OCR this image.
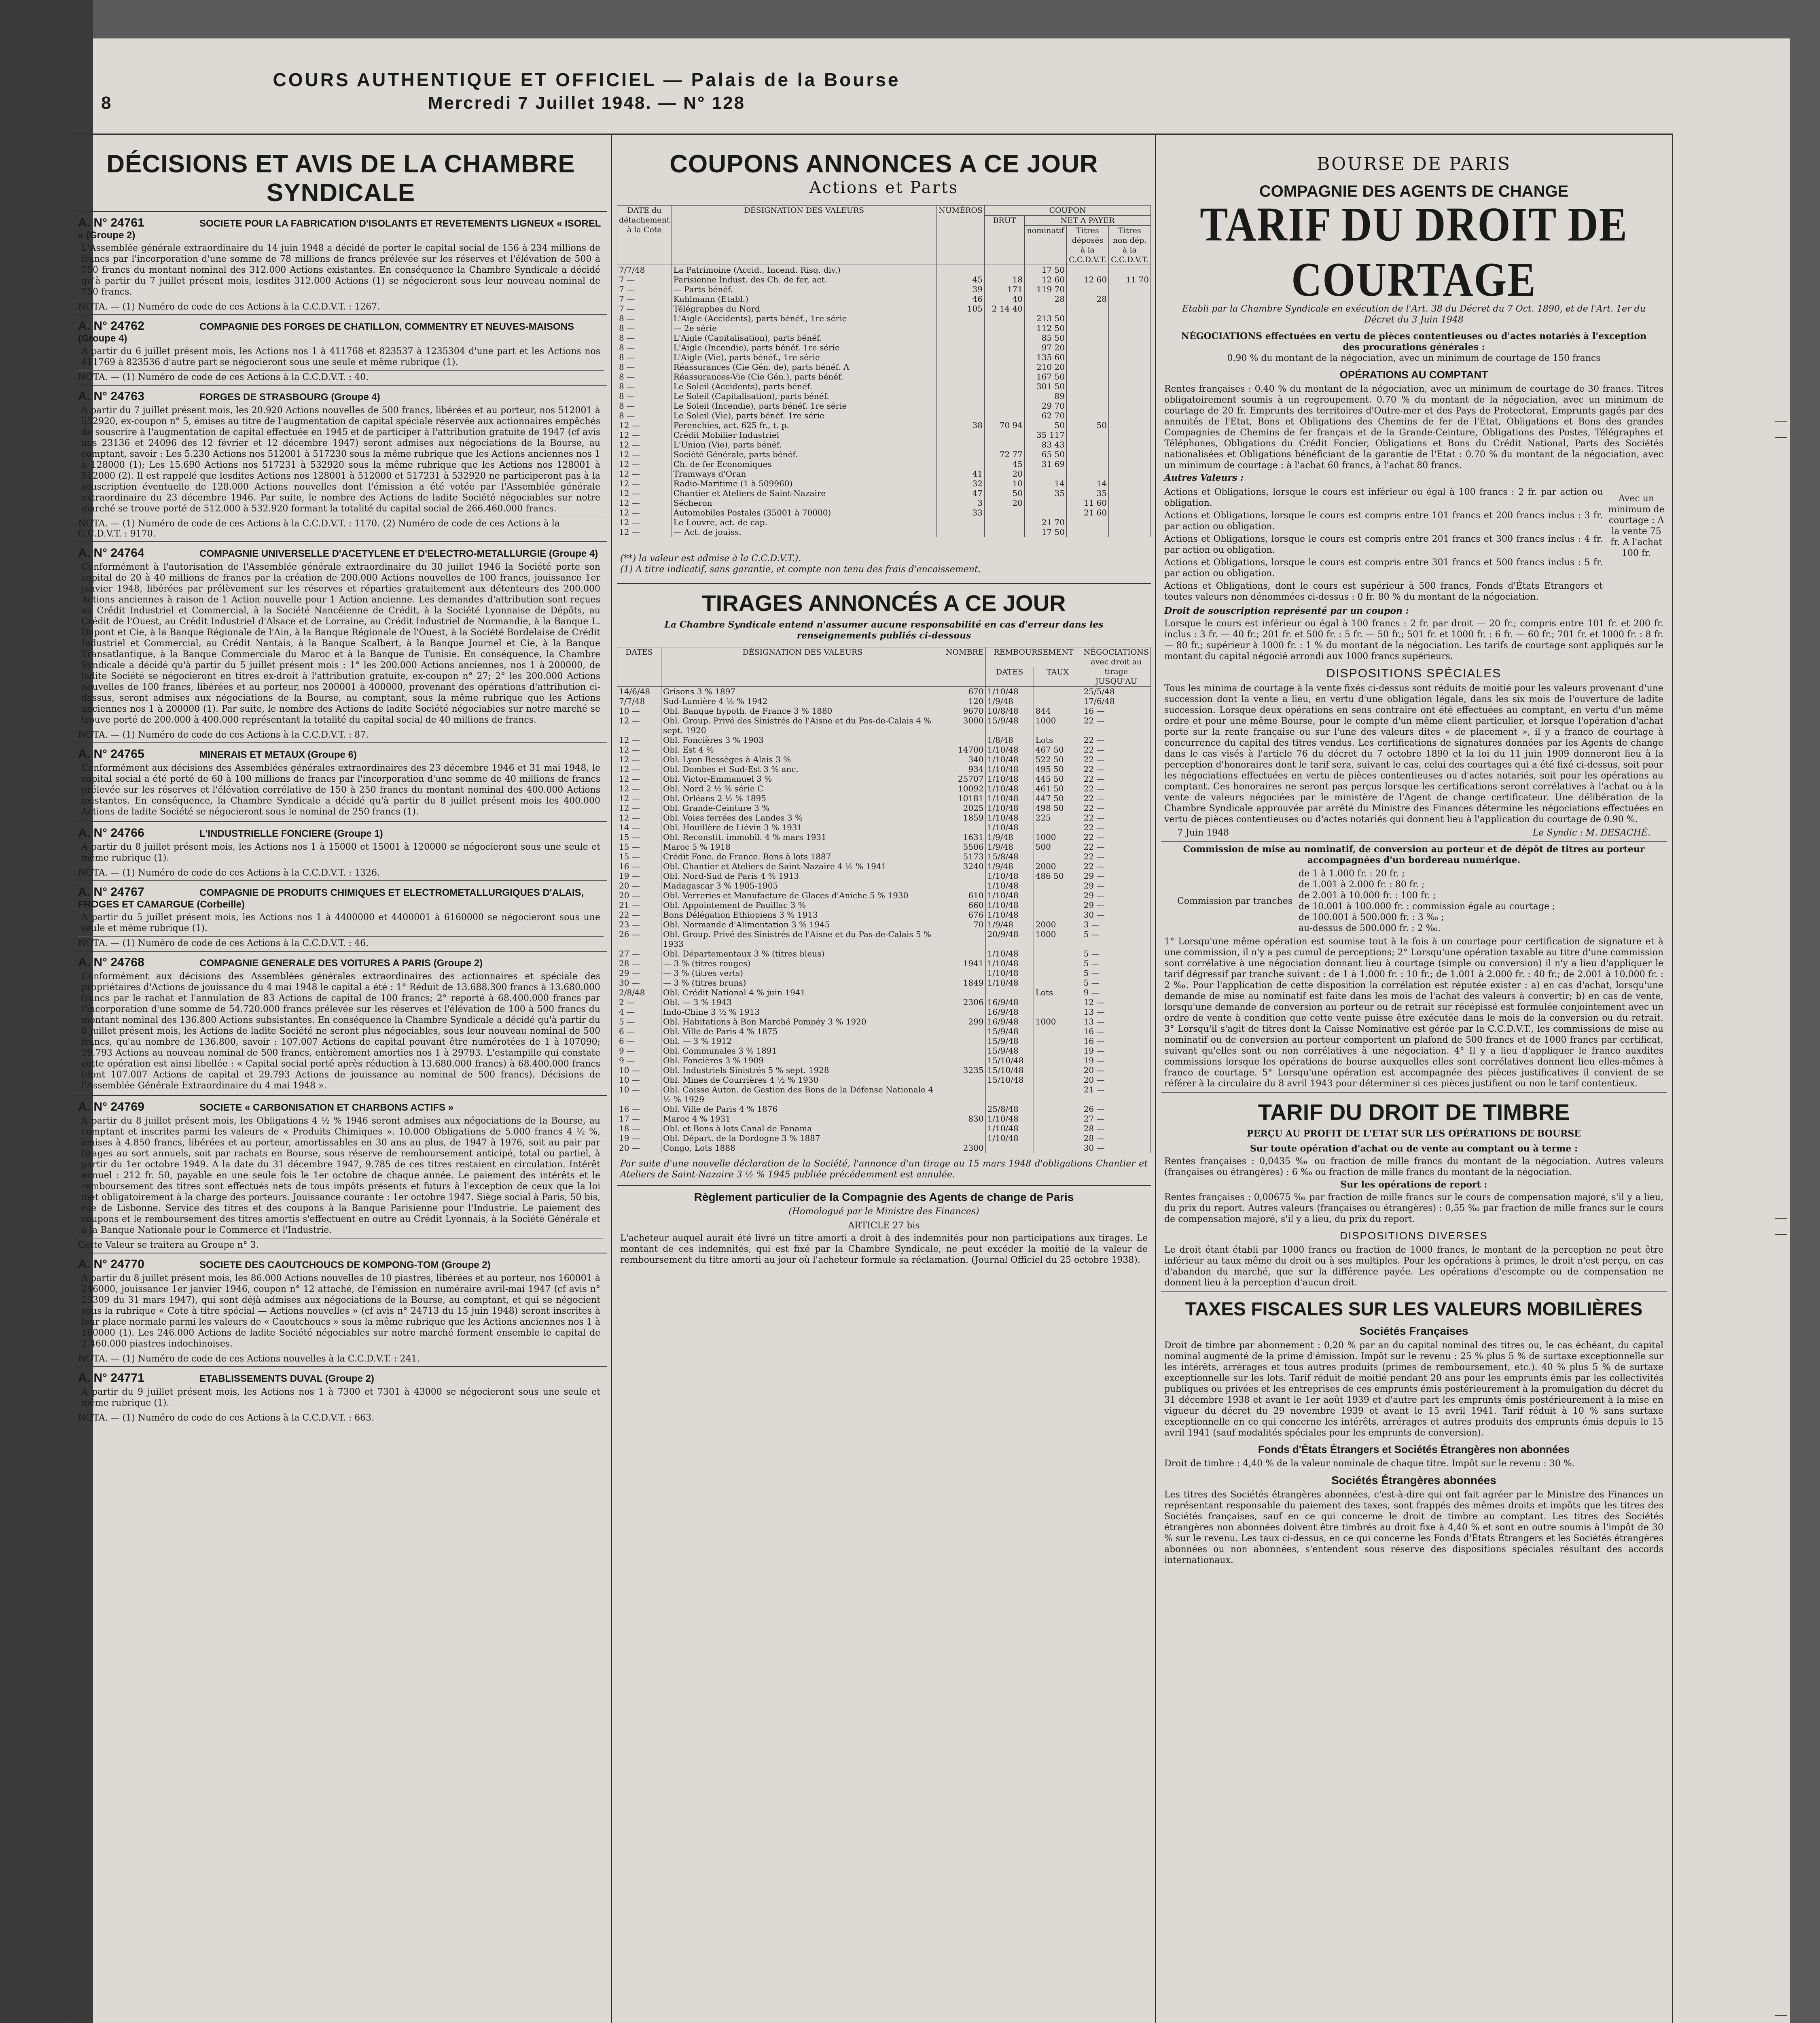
8
COURS AUTHENTIQUE ET OFFICIEL — Palais de la Bourse
Mercredi 7 Juillet 1948. — N° 128
DÉCISIONS ET AVIS DE LA CHAMBRE SYNDICALE
A. N° 24761	SOCIETE POUR LA FABRICATION D'ISOLANTS ET REVETEMENTS LIGNEUX « ISOREL » (Groupe 2)
L'Assemblée générale extraordinaire du 14 juin 1948 a décidé de porter le capital social de 156 à 234 millions de francs par l'incorporation d'une somme de 78 millions de francs prélevée sur les réserves et l'élévation de 500 à 750 francs du montant nominal des 312.000 Actions existantes. En conséquence la Chambre Syndicale a décidé qu'à partir du 7 juillet présent mois, lesdites 312.000 Actions (1) se négocieront sous leur nouveau nominal de 750 francs.
NOTA. — (1) Numéro de code de ces Actions à la C.C.D.V.T. : 1267.
A. N° 24762	COMPAGNIE DES FORGES DE CHATILLON, COMMENTRY ET NEUVES-MAISONS (Groupe 4)
A partir du 6 juillet présent mois, les Actions nos 1 à 411768 et 823537 à 1235304 d'une part et les Actions nos 411769 à 823536 d'autre part se négocieront sous une seule et même rubrique (1).
NOTA. — (1) Numéro de code de ces Actions à la C.C.D.V.T. : 40.
A. N° 24763	FORGES DE STRASBOURG (Groupe 4)
A partir du 7 juillet présent mois, les 20.920 Actions nouvelles de 500 francs, libérées et au porteur, nos 512001 à 532920, ex-coupon n° 5, émises au titre de l'augmentation de capital spéciale réservée aux actionnaires empêchés de souscrire à l'augmentation de capital effectuée en 1945 et de participer à l'attribution gratuite de 1947 (cf avis nos 23136 et 24096 des 12 février et 12 décembre 1947) seront admises aux négociations de la Bourse, au comptant, savoir : Les 5.230 Actions nos 512001 à 517230 sous la même rubrique que les Actions anciennes nos 1 à 128000 (1); Les 15.690 Actions nos 517231 à 532920 sous la même rubrique que les Actions nos 128001 à 512000 (2). Il est rappelé que lesdites Actions nos 128001 à 512000 et 517231 à 532920 ne participeront pas à la souscription éventuelle de 128.000 Actions nouvelles dont l'émission a été votée par l'Assemblée générale extraordinaire du 23 décembre 1946. Par suite, le nombre des Actions de ladite Société négociables sur notre marché se trouve porté de 512.000 à 532.920 formant la totalité du capital social de 266.460.000 francs.
NOTA. — (1) Numéro de code de ces Actions à la C.C.D.V.T. : 1170. (2) Numéro de code de ces Actions à la C.C.D.V.T. : 9170.
A. N° 24764	COMPAGNIE UNIVERSELLE D'ACETYLENE ET D'ELECTRO-METALLURGIE (Groupe 4)
Conformément à l'autorisation de l'Assemblée générale extraordinaire du 30 juillet 1946 la Société porte son capital de 20 à 40 millions de francs par la création de 200.000 Actions nouvelles de 100 francs, jouissance 1er janvier 1948, libérées par prélèvement sur les réserves et réparties gratuitement aux détenteurs des 200.000 Actions anciennes à raison de 1 Action nouvelle pour 1 Action ancienne. Les demandes d'attribution sont reçues au Crédit Industriel et Commercial, à la Société Nancéienne de Crédit, à la Société Lyonnaise de Dépôts, au Crédit de l'Ouest, au Crédit Industriel d'Alsace et de Lorraine, au Crédit Industriel de Normandie, à la Banque L. Dupont et Cie, à la Banque Régionale de l'Ain, à la Banque Régionale de l'Ouest, à la Société Bordelaise de Crédit Industriel et Commercial, au Crédit Nantais, à la Banque Scalbert, à la Banque Journel et Cie, à la Banque Transatlantique, à la Banque Commerciale du Maroc et à la Banque de Tunisie. En conséquence, la Chambre Syndicale a décidé qu'à partir du 5 juillet présent mois : 1° les 200.000 Actions anciennes, nos 1 à 200000, de ladite Société se négocieront en titres ex-droit à l'attribution gratuite, ex-coupon n° 27; 2° les 200.000 Actions nouvelles de 100 francs, libérées et au porteur, nos 200001 à 400000, provenant des opérations d'attribution ci-dessus, seront admises aux négociations de la Bourse, au comptant, sous la même rubrique que les Actions anciennes nos 1 à 200000 (1). Par suite, le nombre des Actions de ladite Société négociables sur notre marché se trouve porté de 200.000 à 400.000 représentant la totalité du capital social de 40 millions de francs.
NOTA. — (1) Numéro de code de ces Actions à la C.C.D.V.T. : 87.
A. N° 24765	MINERAIS ET METAUX (Groupe 6)
Conformément aux décisions des Assemblées générales extraordinaires des 23 décembre 1946 et 31 mai 1948, le capital social a été porté de 60 à 100 millions de francs par l'incorporation d'une somme de 40 millions de francs prélevée sur les réserves et l'élévation corrélative de 150 à 250 francs du montant nominal des 400.000 Actions existantes. En conséquence, la Chambre Syndicale a décidé qu'à partir du 8 juillet présent mois les 400.000 Actions de ladite Société se négocieront sous le nominal de 250 francs (1).
A. N° 24766	L'INDUSTRIELLE FONCIERE (Groupe 1)
A partir du 8 juillet présent mois, les Actions nos 1 à 15000 et 15001 à 120000 se négocieront sous une seule et même rubrique (1).
NOTA. — (1) Numéro de code de ces Actions à la C.C.D.V.T. : 1326.
A. N° 24767	COMPAGNIE DE PRODUITS CHIMIQUES ET ELECTROMETALLURGIQUES D'ALAIS, FROGES ET CAMARGUE (Corbeille)
A partir du 5 juillet présent mois, les Actions nos 1 à 4400000 et 4400001 à 6160000 se négocieront sous une seule et même rubrique (1).
NOTA. — (1) Numéro de code de ces Actions à la C.C.D.V.T. : 46.
A. N° 24768	COMPAGNIE GENERALE DES VOITURES A PARIS (Groupe 2)
Conformément aux décisions des Assemblées générales extraordinaires des actionnaires et spéciale des propriétaires d'Actions de jouissance du 4 mai 1948 le capital a été : 1° Réduit de 13.688.300 francs à 13.680.000 francs par le rachat et l'annulation de 83 Actions de capital de 100 francs; 2° reporté à 68.400.000 francs par l'incorporation d'une somme de 54.720.000 francs prélevée sur les réserves et l'élévation de 100 à 500 francs du montant nominal des 136.800 Actions subsistantes. En conséquence la Chambre Syndicale a décidé qu'à partir du 8 juillet présent mois, les Actions de ladite Société ne seront plus négociables, sous leur nouveau nominal de 500 francs, qu'au nombre de 136.800, savoir : 107.007 Actions de capital pouvant être numérotées de 1 à 107090; 29.793 Actions au nouveau nominal de 500 francs, entièrement amorties nos 1 à 29793. L'estampille qui constate cette opération est ainsi libellée : « Capital social porté après réduction à 13.680.000 francs) à 68.400.000 francs (dont 107.007 Actions de capital et 29.793 Actions de jouissance au nominal de 500 francs). Décisions de l'Assemblée Générale Extraordinaire du 4 mai 1948 ».
A. N° 24769	SOCIETE « CARBONISATION ET CHARBONS ACTIFS »
A partir du 8 juillet présent mois, les Obligations 4 ½ % 1946 seront admises aux négociations de la Bourse, au comptant et inscrites parmi les valeurs de « Produits Chimiques ». 10.000 Obligations de 5.000 francs 4 ½ %, émises à 4.850 francs, libérées et au porteur, amortissables en 30 ans au plus, de 1947 à 1976, soit au pair par tirages au sort annuels, soit par rachats en Bourse, sous réserve de remboursement anticipé, total ou partiel, à partir du 1er octobre 1949. A la date du 31 décembre 1947, 9.785 de ces titres restaient en circulation. Intérêt annuel : 212 fr. 50, payable en une seule fois le 1er octobre de chaque année. Le paiement des intérêts et le remboursement des titres sont effectués nets de tous impôts présents et futurs à l'exception de ceux que la loi met obligatoirement à la charge des porteurs. Jouissance courante : 1er octobre 1947. Siège social à Paris, 50 bis, rue de Lisbonne. Service des titres et des coupons à la Banque Parisienne pour l'Industrie. Le paiement des coupons et le remboursement des titres amortis s'effectuent en outre au Crédit Lyonnais, à la Société Générale et à la Banque Nationale pour le Commerce et l'Industrie.
Cette Valeur se traitera au Groupe n° 3.
A. N° 24770	SOCIETE DES CAOUTCHOUCS DE KOMPONG-TOM (Groupe 2)
A partir du 8 juillet présent mois, les 86.000 Actions nouvelles de 10 piastres, libérées et au porteur, nos 160001 à 246000, jouissance 1er janvier 1946, coupon n° 12 attaché, de l'émission en numéraire avril-mai 1947 (cf avis n° 23309 du 31 mars 1947), qui sont déjà admises aux négociations de la Bourse, au comptant, et qui se négocient sous la rubrique « Cote à titre spécial — Actions nouvelles » (cf avis n° 24713 du 15 juin 1948) seront inscrites à leur place normale parmi les valeurs de « Caoutchoucs » sous la même rubrique que les Actions anciennes nos 1 à 160000 (1). Les 246.000 Actions de ladite Société négociables sur notre marché forment ensemble le capital de 2.460.000 piastres indochinoises.
NOTA. — (1) Numéro de code de ces Actions nouvelles à la C.C.D.V.T. : 241.
A. N° 24771	ETABLISSEMENTS DUVAL (Groupe 2)
A partir du 9 juillet présent mois, les Actions nos 1 à 7300 et 7301 à 43000 se négocieront sous une seule et même rubrique (1).
NOTA. — (1) Numéro de code de ces Actions à la C.C.D.V.T. : 663.
COUPONS ANNONCES A CE JOUR
Actions et Parts
DATE du détachement à la Cote	DÉSIGNATION DES VALEURS	NUMÉROS	COUPON			
			BRUT	NET A PAYER		
				nominatif	Titres déposés à la C.C.D.V.T.	Titres non dép. à la C.C.D.V.T.
7/7/48	La Patrimoine (Accid., Incend. Risq. div.)			17 50		
7 —	Parisienne Indust. des Ch. de fer, act.	45	18	12 60	12 60	11 70
7 —	— Parts bénéf.	39	171	119 70		
7 —	Kuhlmann (Etabl.)	46	40	28	28	
7 —	Télégraphes du Nord	105	2 14 40			
8 —	L'Aigle (Accidents), parts bénéf., 1re série			213 50		
8 —	— 2e série			112 50		
8 —	L'Aigle (Capitalisation), parts bénéf.			85 50		
8 —	L'Aigle (Incendie), parts bénéf. 1re série			97 20		
8 —	L'Aigle (Vie), parts bénéf., 1re série			135 60		
8 —	Réassurances (Cie Gén. de), parts bénéf. A			210 20		
8 —	Réassurances-Vie (Cie Gén.), parts bénéf.			167 50		
8 —	Le Soleil (Accidents), parts bénéf.			301 50		
8 —	Le Soleil (Capitalisation), parts bénéf.			89		
8 —	Le Soleil (Incendie), parts bénéf. 1re série			29 70		
8 —	Le Soleil (Vie), parts bénéf. 1re série			62 70		
12 —	Perenchies, act. 625 fr., t. p.	38	70 94	50	50	
12 —	Crédit Mobilier Industriel			35 117		
12 —	L'Union (Vie), parts bénéf.			83 43		
12 —	Société Générale, parts bénéf.		72 77	65 50		
12 —	Ch. de fer Economiques		45	31 69		
12 —	Tramways d'Oran	41	20			
12 —	Radio-Maritime (1 à 509960)	32	10	14	14	
12 —	Chantier et Ateliers de Saint-Nazaire	47	50	35	35	
12 —	Sécheron	3	20		11 60	
12 —	Automobiles Postales (35001 à 70000)	33			21 60	
12 —	Le Louvre, act. de cap.			21 70		
12 —	— Act. de jouiss.			17 50		
(**) la valeur est admise à la C.C.D.V.T.).
(1) A titre indicatif, sans garantie, et compte non tenu des frais d'encaissement.
TIRAGES ANNONCÉS A CE JOUR
La Chambre Syndicale entend n'assumer aucune responsabilité en cas d'erreur dans les renseignements publiés ci-dessous
DATES	DÉSIGNATION DES VALEURS	NOMBRE	REMBOURSEMENT		NÉGOCIATIONS avec droit au tirage JUSQU'AU
			DATES	TAUX	
14/6/48	Grisons 3 % 1897	670	1/10/48		25/5/48
7/7/48	Sud-Lumière 4 ½ % 1942	120	1/9/48		17/6/48
10 —	Obl. Banque hypoth. de France 3 % 1880	9670	10/8/48	844	16 —
12 —	Obl. Group. Privé des Sinistrés de l'Aisne et du Pas-de-Calais 4 % sept. 1920	3000	15/9/48	1000	22 —
12 —	Obl. Foncières 3 % 1903		1/8/48	Lots	22 —
12 —	Obl. Est 4 %	14700	1/10/48	467 50	22 —
12 —	Obl. Lyon Bessèges à Alais 3 %	340	1/10/48	522 50	22 —
12 —	Obl. Dombes et Sud-Est 3 % anc.	934	1/10/48	495 50	22 —
12 —	Obl. Victor-Emmanuel 3 %	25707	1/10/48	445 50	22 —
12 —	Obl. Nord 2 ½ % série C	10092	1/10/48	461 50	22 —
12 —	Obl. Orléans 2 ½ % 1895	10181	1/10/48	447 50	22 —
12 —	Obl. Grande-Ceinture 3 %	2025	1/10/48	498 50	22 —
12 —	Obl. Voies ferrées des Landes 3 %	1859	1/10/48	225	22 —
14 —	Obl. Houillère de Liévin 3 % 1931		1/10/48		22 —
15 —	Obl. Reconstit. immobil. 4 % mars 1931	1631	1/9/48	1000	22 —
15 —	Maroc 5 % 1918	5506	1/9/48	500	22 —
15 —	Crédit Fonc. de France. Bons à lots 1887	5173	15/8/48		22 —
16 —	Obl. Chantier et Ateliers de Saint-Nazaire 4 ½ % 1941	3240	1/9/48	2000	22 —
19 —	Obl. Nord-Sud de Paris 4 % 1913		1/10/48	486 50	29 —
20 —	Madagascar 3 % 1905-1905		1/10/48		29 —
20 —	Obl. Verreries et Manufacture de Glaces d'Aniche 5 % 1930	610	1/10/48		29 —
21 —	Obl. Appointement de Pauillac 3 %	660	1/10/48		29 —
22 —	Bons Délégation Ethiopiens 3 % 1913	676	1/10/48		30 —
23 —	Obl. Normande d'Alimentation 3 % 1945	70	1/9/48	2000	3 —
26 —	Obl. Group. Privé des Sinistrés de l'Aisne et du Pas-de-Calais 5 % 1933		20/9/48	1000	5 —
27 —	Obl. Départementaux 3 % (titres bleus)		1/10/48		5 —
28 —	— 3 % (titres rouges)	1941	1/10/48		5 —
29 —	— 3 % (titres verts)		1/10/48		5 —
30 —	— 3 % (titres bruns)	1849	1/10/48		5 —
2/8/48	Obl. Crédit National 4 % juin 1941			Lots	9 —
2 —	Obl. — 3 % 1943	2306	16/9/48		12 —
4 —	Indo-Chine 3 ½ % 1913		16/9/48		13 —
5 —	Obl. Habitations à Bon Marché Pompéy 3 % 1920	299	16/9/48	1000	13 —
6 —	Obl. Ville de Paris 4 % 1875		15/9/48		16 —
6 —	Obl. — 3 % 1912		15/9/48		16 —
9 —	Obl. Communales 3 % 1891		15/9/48		19 —
9 —	Obl. Foncières 3 % 1909		15/10/48		19 —
10 —	Obl. Industriels Sinistrés 5 % sept. 1928	3235	15/10/48		20 —
10 —	Obl. Mines de Courrières 4 ½ % 1930		15/10/48		20 —
10 —	Obl. Caisse Auton. de Gestion des Bons de la Défense Nationale 4 ½ % 1929				21 —
16 —	Obl. Ville de Paris 4 % 1876		25/8/48		26 —
17 —	Maroc 4 % 1931	830	1/10/48		27 —
18 —	Obl. et Bons à lots Canal de Panama		1/10/48		28 —
19 —	Obl. Départ. de la Dordogne 3 % 1887		1/10/48		28 —
20 —	Congo, Lots 1888	2300			30 —
Par suite d'une nouvelle déclaration de la Société, l'annonce d'un tirage au 15 mars 1948 d'obligations Chantier et Ateliers de Saint-Nazaire 3 ½ % 1945 publiée précédemment est annulée.
Règlement particulier de la Compagnie des Agents de change de Paris
(Homologué par le Ministre des Finances)
ARTICLE 27 bis
L'acheteur auquel aurait été livré un titre amorti a droit à des indemnités pour non participations aux tirages. Le montant de ces indemnités, qui est fixé par la Chambre Syndicale, ne peut excéder la moitié de la valeur de remboursement du titre amorti au jour où l'acheteur formule sa réclamation. (Journal Officiel du 25 octobre 1938).
BOURSE DE PARIS
COMPAGNIE DES AGENTS DE CHANGE
TARIF DU DROIT DE COURTAGE
Etabli par la Chambre Syndicale en exécution de l'Art. 38 du Décret du 7 Oct. 1890, et de l'Art. 1er du Décret du 3 Juin 1948
NÉGOCIATIONS effectuées en vertu de pièces contentieuses ou d'actes notariés à l'exception des procurations générales :
0.90 % du montant de la négociation, avec un minimum de courtage de 150 francs
OPÉRATIONS AU COMPTANT
Rentes françaises : 0.40 % du montant de la négociation, avec un minimum de courtage de 30 francs. Titres obligatoirement soumis à un regroupement. 0.70 % du montant de la négociation, avec un minimum de courtage de 20 fr. Emprunts des territoires d'Outre-mer et des Pays de Protectorat, Emprunts gagés par des annuités de l'Etat, Bons et Obligations des Chemins de fer de l'Etat, Obligations et Bons des grandes Compagnies de Chemins de fer français et de la Grande-Ceinture, Obligations des Postes, Télégraphes et Téléphones, Obligations du Crédit Foncier, Obligations et Bons du Crédit National, Parts des Sociétés nationalisées et Obligations bénéficiant de la garantie de l'Etat : 0.70 % du montant de la négociation, avec un minimum de courtage : à l'achat 60 francs, à l'achat 80 francs.
Autres Valeurs :
Actions et Obligations, lorsque le cours est inférieur ou égal à 100 francs : 2 fr. par action ou obligation.
Actions et Obligations, lorsque le cours est compris entre 101 francs et 200 francs inclus : 3 fr. par action ou obligation.
Actions et Obligations, lorsque le cours est compris entre 201 francs et 300 francs inclus : 4 fr. par action ou obligation.
Actions et Obligations, lorsque le cours est compris entre 301 francs et 500 francs inclus : 5 fr. par action ou obligation.
Actions et Obligations, dont le cours est supérieur à 500 francs, Fonds d'États Etrangers et toutes valeurs non dénommées ci-dessus : 0 fr. 80 % du montant de la négociation.
Avec un minimum de courtage : A la vente 75 fr. A l'achat 100 fr.
Droit de souscription représenté par un coupon :
Lorsque le cours est inférieur ou égal à 100 francs : 2 fr. par droit — 20 fr.; compris entre 101 fr. et 200 fr. inclus : 3 fr. — 40 fr.; 201 fr. et 500 fr. : 5 fr. — 50 fr.; 501 fr. et 1000 fr. : 6 fr. — 60 fr.; 701 fr. et 1000 fr. : 8 fr. — 80 fr.; supérieur à 1000 fr. : 1 % du montant de la négociation. Les tarifs de courtage sont appliqués sur le montant du capital négocié arrondi aux 1000 francs supérieurs.
DISPOSITIONS SPÉCIALES
Tous les minima de courtage à la vente fixés ci-dessus sont réduits de moitié pour les valeurs provenant d'une succession dont la vente a lieu, en vertu d'une obligation légale, dans les six mois de l'ouverture de ladite succession. Lorsque deux opérations en sens contraire ont été effectuées au comptant, en vertu d'un même ordre et pour une même Bourse, pour le compte d'un même client particulier, et lorsque l'opération d'achat porte sur la rente française ou sur l'une des valeurs dites « de placement », il y a franco de courtage à concurrence du capital des titres vendus. Les certifications de signatures données par les Agents de change dans le cas visés à l'article 76 du décret du 7 octobre 1890 et la loi du 11 juin 1909 donneront lieu à la perception d'honoraires dont le tarif sera, suivant le cas, celui des courtages qui a été fixé ci-dessus, soit pour les négociations effectuées en vertu de pièces contentieuses ou d'actes notariés, soit pour les opérations au comptant. Ces honoraires ne seront pas perçus lorsque les certifications seront corrélatives à l'achat ou à la vente de valeurs négociées par le ministère de l'Agent de change certificateur. Une délibération de la Chambre Syndicale approuvée par arrêté du Ministre des Finances détermine les négociations effectuées en vertu de pièces contentieuses ou d'actes notariés qui donnent lieu à l'application du courtage de 0.90 %.
7 Juin 1948	Le Syndic : M. DESACHÉ.
Commission de mise au nominatif, de conversion au porteur et de dépôt de titres au porteur accompagnées d'un bordereau numérique.
Commission par tranches
de 1 à 1.000 fr. : 20 fr. ;
de 1.001 à 2.000 fr. : 80 fr. ;
de 2.001 à 10.000 fr. : 100 fr. ;
de 10.001 à 100.000 fr. : commission égale au courtage ;
de 100.001 à 500.000 fr. : 3 ‰ ;
au-dessus de 500.000 fr. : 2 ‰.
1° Lorsqu'une même opération est soumise tout à la fois à un courtage pour certification de signature et à une commission, il n'y a pas cumul de perceptions; 2° Lorsqu'une opération taxable au titre d'une commission sont corrélative à une négociation donnant lieu à courtage (simple ou conversion) il n'y a lieu d'appliquer le tarif dégressif par tranche suivant : de 1 à 1.000 fr. : 10 fr.; de 1.001 à 2.000 fr. : 40 fr.; de 2.001 à 10.000 fr. : 2 ‰. Pour l'application de cette disposition la corrélation est réputée exister : a) en cas d'achat, lorsqu'une demande de mise au nominatif est faite dans les mois de l'achat des valeurs à convertir; b) en cas de vente, lorsqu'une demande de conversion au porteur ou de retrait sur récépissé est formulée conjointement avec un ordre de vente à condition que cette vente puisse être exécutée dans le mois de la conversion ou du retrait. 3° Lorsqu'il s'agit de titres dont la Caisse Nominative est gérée par la C.C.D.V.T., les commissions de mise au nominatif ou de conversion au porteur comportent un plafond de 500 francs et de 1000 francs par certificat, suivant qu'elles sont ou non corrélatives à une négociation. 4° Il y a lieu d'appliquer le franco auxdites commissions lorsque les opérations de bourse auxquelles elles sont corrélatives donnent lieu elles-mêmes à franco de courtage. 5° Lorsqu'une opération est accompagnée des pièces justificatives il convient de se référer à la circulaire du 8 avril 1943 pour déterminer si ces pièces justifient ou non le tarif contentieux.
TARIF DU DROIT DE TIMBRE
PERÇU AU PROFIT DE L'ETAT SUR LES OPÉRATIONS DE BOURSE
Sur toute opération d'achat ou de vente au comptant ou à terme :
Rentes françaises : 0,0435 ‰ ou fraction de mille francs du montant de la négociation. Autres valeurs (françaises ou étrangères) : 6 ‰ ou fraction de mille francs du montant de la négociation.
Sur les opérations de report :
Rentes françaises : 0,00675 ‰ par fraction de mille francs sur le cours de compensation majoré, s'il y a lieu, du prix du report. Autres valeurs (françaises ou étrangères) : 0,55 ‰ par fraction de mille francs sur le cours de compensation majoré, s'il y a lieu, du prix du report.
DISPOSITIONS DIVERSES
Le droit étant établi par 1000 francs ou fraction de 1000 francs, le montant de la perception ne peut être inférieur au taux même du droit ou à ses multiples. Pour les opérations à primes, le droit n'est perçu, en cas d'abandon du marché, que sur la différence payée. Les opérations d'escompte ou de compensation ne donnent lieu à la perception d'aucun droit.
TAXES FISCALES SUR LES VALEURS MOBILIÈRES
Sociétés Françaises
Droit de timbre par abonnement : 0,20 % par an du capital nominal des titres ou, le cas échéant, du capital nominal augmenté de la prime d'émission. Impôt sur le revenu : 25 % plus 5 % de surtaxe exceptionnelle sur les intérêts, arrérages et tous autres produits (primes de remboursement, etc.). 40 % plus 5 % de surtaxe exceptionnelle sur les lots. Tarif réduit de moitié pendant 20 ans pour les emprunts émis par les collectivités publiques ou privées et les entreprises de ces emprunts émis postérieurement à la promulgation du décret du 31 décembre 1938 et avant le 1er août 1939 et d'autre part les emprunts émis postérieurement à la mise en vigueur du décret du 29 novembre 1939 et avant le 15 avril 1941. Tarif réduit à 10 % sans surtaxe exceptionnelle en ce qui concerne les intérêts, arrérages et autres produits des emprunts émis depuis le 15 avril 1941 (sauf modalités spéciales pour les emprunts de conversion).
Fonds d'États Étrangers et Sociétés Étrangères non abonnées
Droit de timbre : 4,40 % de la valeur nominale de chaque titre. Impôt sur le revenu : 30 %.
Sociétés Étrangères abonnées
Les titres des Sociétés étrangères abonnées, c'est-à-dire qui ont fait agréer par le Ministre des Finances un représentant responsable du paiement des taxes, sont frappés des mêmes droits et impôts que les titres des Sociétés françaises, sauf en ce qui concerne le droit de timbre au comptant. Les titres des Sociétés étrangères non abonnées doivent être timbrés au droit fixe à 4,40 % et sont en outre soumis à l'impôt de 30 % sur le revenu. Les taux ci-dessus, en ce qui concerne les Fonds d'États Étrangers et les Sociétés étrangères abonnées ou non abonnées, s'entendent sous réserve des dispositions spéciales résultant des accords internationaux.
